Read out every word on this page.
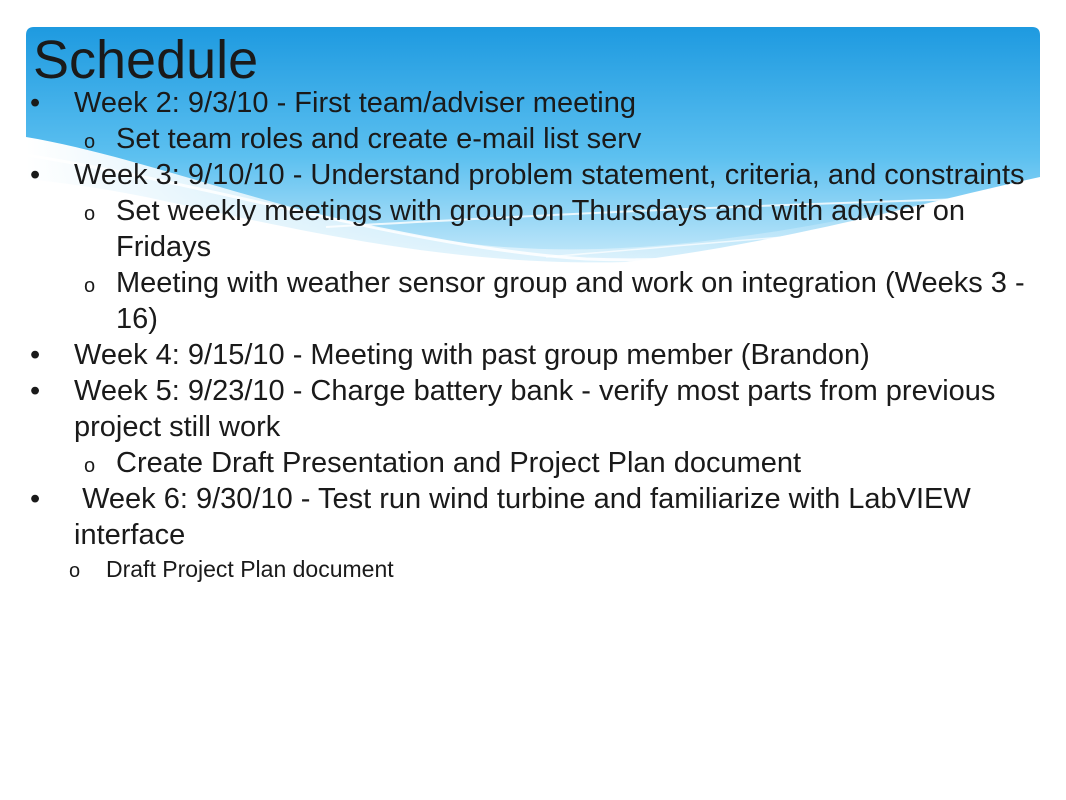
Schedule
• Week 2: 9/3/10 - First team/adviser meeting
o Set team roles and create e-mail list serv
• Week 3: 9/10/10 - Understand problem statement, criteria, and constraints
o Set weekly meetings with group on Thursdays and with adviser on Fridays
o Meeting with weather sensor group and work on integration (Weeks 3 - 16)
• Week 4: 9/15/10 - Meeting with past group member (Brandon)
• Week 5: 9/23/10 - Charge battery bank - verify most parts from previous project still work
o Create Draft Presentation and Project Plan document
• Week 6: 9/30/10 - Test run wind turbine and familiarize with LabVIEW interface
o Draft Project Plan document
